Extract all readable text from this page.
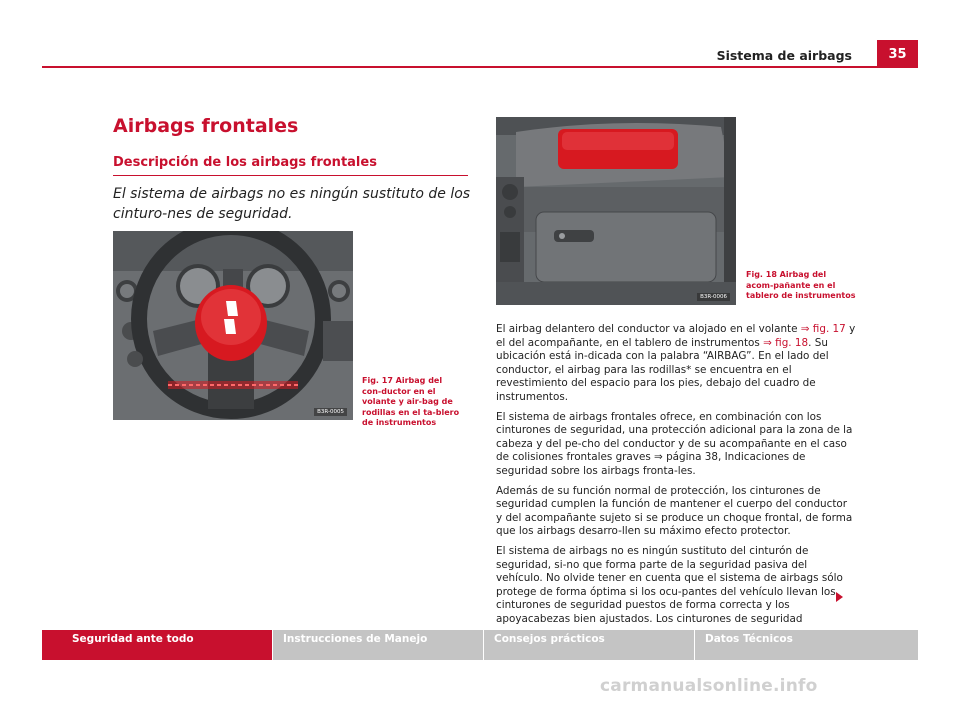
Sistema de airbags	35
Airbags frontales
Descripción de los airbags frontales
El sistema de airbags no es ningún sustituto de los cinturo-nes de seguridad.
B3R-0005
Fig. 17 Airbag del con-ductor en el volante y air-bag de rodillas en el ta-blero de instrumentos
B3R-0006
Fig. 18 Airbag del acom-pañante en el tablero de instrumentos

El airbag delantero del conductor va alojado en el volante ⇒ fig. 17 y el del acompañante, en el tablero de instrumentos ⇒ fig. 18. Su ubicación está in-dicada con la palabra “AIRBAG”. En el lado del conductor, el airbag para las rodillas* se encuentra en el revestimiento del espacio para los pies, debajo del cuadro de instrumentos.

El sistema de airbags frontales ofrece, en combinación con los cinturones de seguridad, una protección adicional para la zona de la cabeza y del pe-cho del conductor y de su acompañante en el caso de colisiones frontales graves ⇒ página 38, Indicaciones de seguridad sobre los airbags fronta-les.

Además de su función normal de protección, los cinturones de seguridad cumplen la función de mantener el cuerpo del conductor y del acompañante sujeto si se produce un choque frontal, de forma que los airbags desarro-llen su máximo efecto protector.

El sistema de airbags no es ningún sustituto del cinturón de seguridad, si-no que forma parte de la seguridad pasiva del vehículo. No olvide tener en cuenta que el sistema de airbags sólo protege de forma óptima si los ocu-pantes del vehículo llevan los cinturones de seguridad puestos de forma correcta y los apoyacabezas bien ajustados. Los cinturones de seguridad

Seguridad ante todo	Instrucciones de Manejo	Consejos prácticos	Datos Técnicos
carmanualsonline.info
